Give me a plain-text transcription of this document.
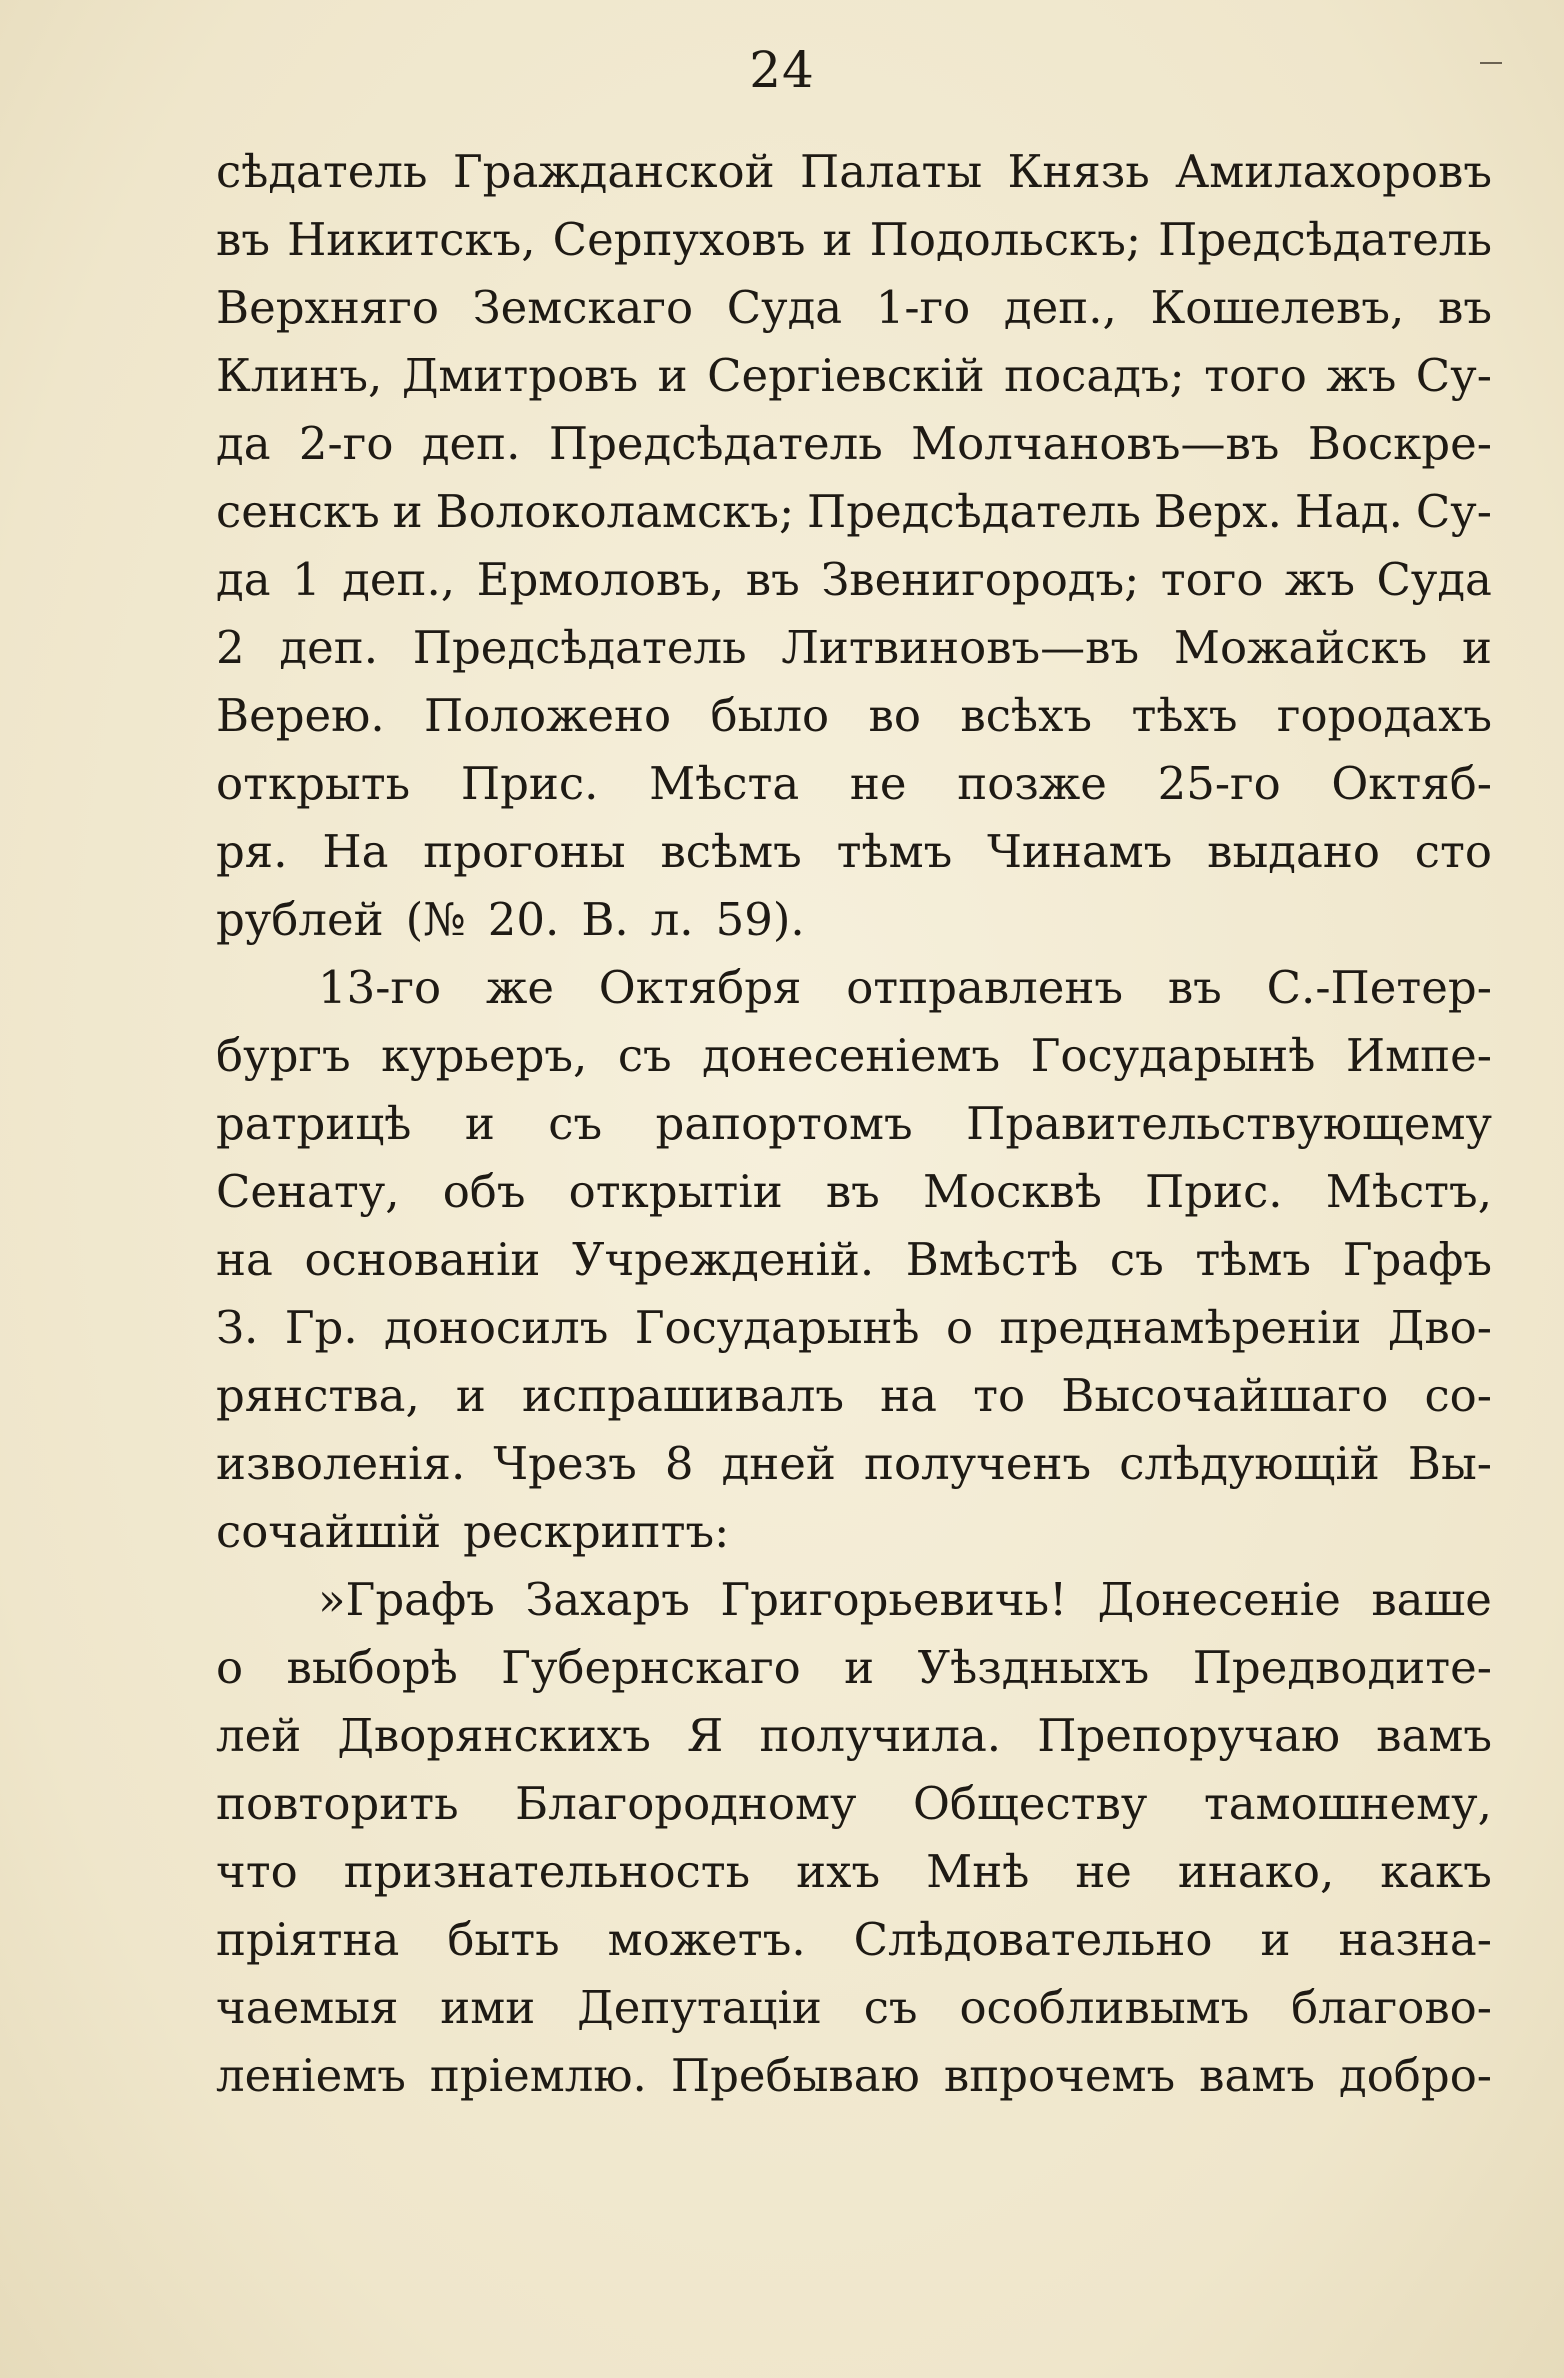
24
сѣдатель Гражданской Палаты Князь Амилахоровъ
въ Никитскъ, Серпуховъ и Подольскъ; Предсѣдатель
Верхняго Земскаго Суда 1-го деп., Кошелевъ, въ
Клинъ, Дмитровъ и Сергіевскій посадъ; того жъ Су-
да 2-го деп. Предсѣдатель Молчановъ—въ Воскре-
сенскъ и Волоколамскъ; Предсѣдатель Верх. Над. Су-
да 1 деп., Ермоловъ, въ Звенигородъ; того жъ Суда
2 деп. Предсѣдатель Литвиновъ—въ Можайскъ и
Верею. Положено было во всѣхъ тѣхъ городахъ
открыть Прис. Мѣста не позже 25-го Октяб-
ря. На прогоны всѣмъ тѣмъ Чинамъ выдано сто
рублей (№ 20. В. л. 59).
13-го же Октября отправленъ въ С.-Петер-
бургъ курьеръ, съ донесеніемъ Государынѣ Импе-
ратрицѣ и съ рапортомъ Правительствующему
Сенату, объ открытіи въ Москвѣ Прис. Мѣстъ,
на основаніи Учрежденій. Вмѣстѣ съ тѣмъ Графъ
З. Гр. доносилъ Государынѣ о преднамѣреніи Дво-
рянства, и испрашивалъ на то Высочайшаго со-
изволенія. Чрезъ 8 дней полученъ слѣдующій Вы-
сочайшій рескриптъ:
»Графъ Захаръ Григорьевичь! Донесеніе ваше
о выборѣ Губернскаго и Уѣздныхъ Предводите-
лей Дворянскихъ Я получила. Препоручаю вамъ
повторить Благородному Обществу тамошнему,
что признательность ихъ Мнѣ не инако, какъ
пріятна быть можетъ. Слѣдовательно и назна-
чаемыя ими Депутаціи съ особливымъ благово-
леніемъ пріемлю. Пребываю впрочемъ вамъ добро-
